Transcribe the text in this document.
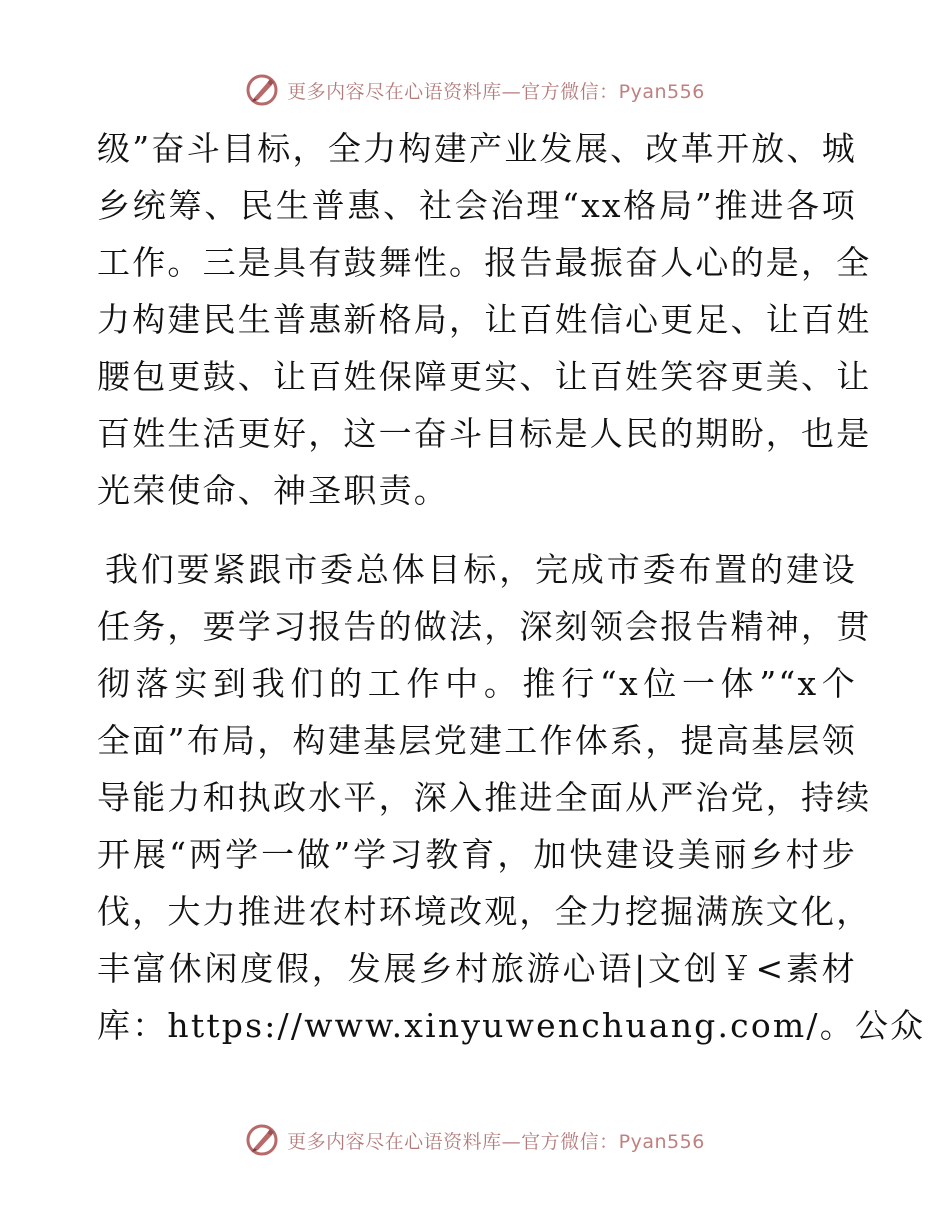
更多内容尽在心语资料库—官方微信：Pyan556
级”奋斗目标，全力构建产业发展、改革开放、城
乡统筹、民生普惠、社会治理“xx格局”推进各项
工作。三是具有鼓舞性。报告最振奋人心的是，全
力构建民生普惠新格局，让百姓信心更足、让百姓
腰包更鼓、让百姓保障更实、让百姓笑容更美、让
百姓生活更好，这一奋斗目标是人民的期盼，也是
光荣使命、神圣职责。
我们要紧跟市委总体目标，完成市委布置的建设
任务，要学习报告的做法，深刻领会报告精神，贯
彻落实到我们的工作中。推行“x位一体”“x个
全面”布局，构建基层党建工作体系，提高基层领
导能力和执政水平，深入推进全面从严治党，持续
开展“两学一做”学习教育，加快建设美丽乡村步
伐，大力推进农村环境改观，全力挖掘满族文化，
丰富休闲度假，发展乡村旅游心语|文创￥<素材
库：https://www.xinyuwenchuang.com/。公众
更多内容尽在心语资料库—官方微信：Pyan556
